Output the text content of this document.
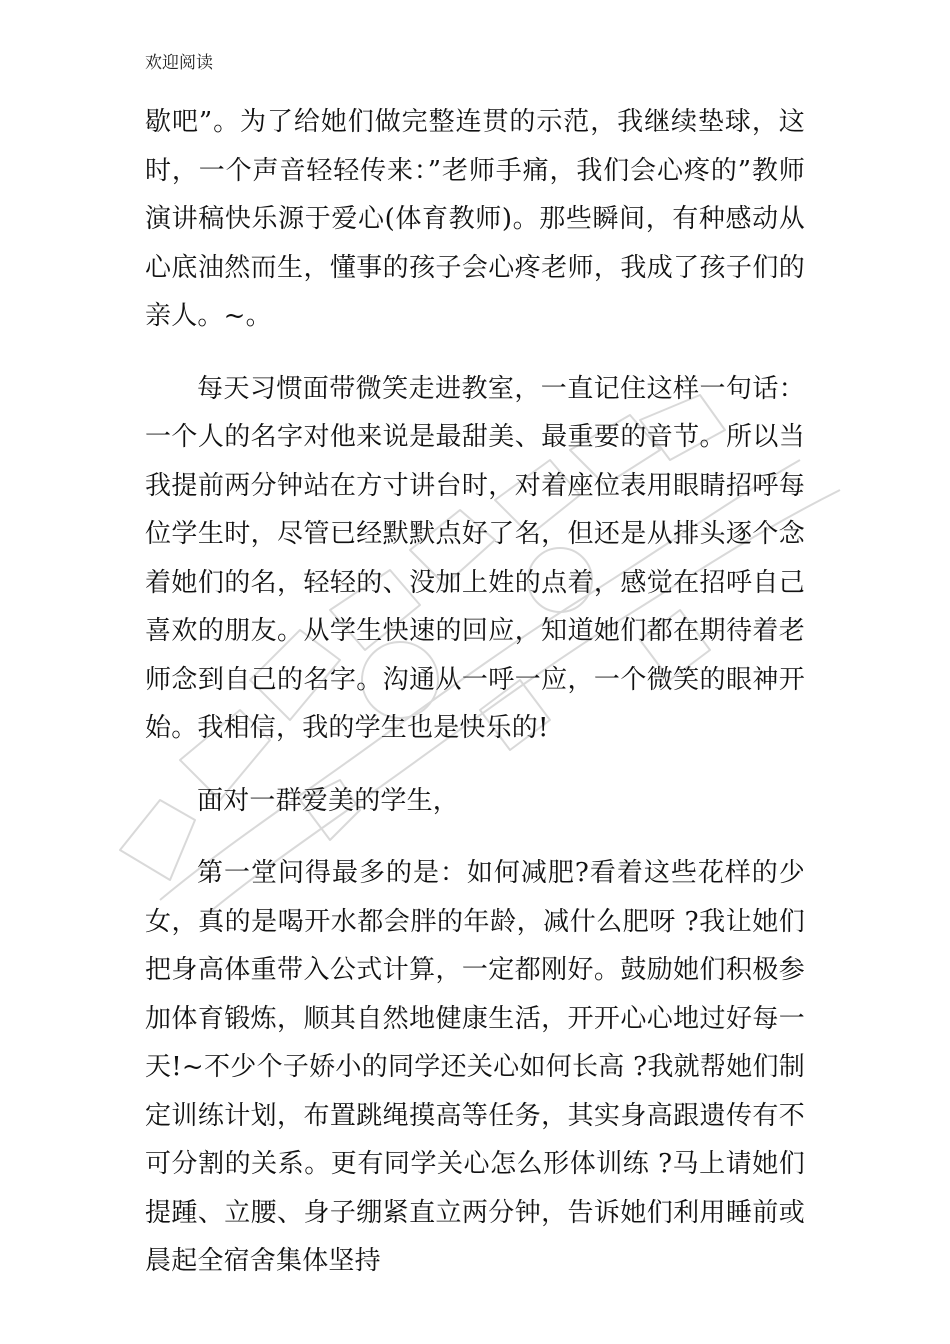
欢迎阅读

歇吧”。为了给她们做完整连贯的示范，我继续垫球，这时，一个声音轻轻传来：”老师手痛，我们会心疼的”教师演讲稿快乐源于爱心(体育教师)。那些瞬间，有种感动从心底油然而生，懂事的孩子会心疼老师，我成了孩子们的亲人。~。

每天习惯面带微笑走进教室，一直记住这样一句话：一个人的名字对他来说是最甜美、最重要的音节。所以当我提前两分钟站在方寸讲台时，对着座位表用眼睛招呼每位学生时，尽管已经默默点好了名，但还是从排头逐个念着她们的名，轻轻的、没加上姓的点着，感觉在招呼自己喜欢的朋友。从学生快速的回应，知道她们都在期待着老师念到自己的名字。沟通从一呼一应，一个微笑的眼神开始。我相信，我的学生也是快乐的!

面对一群爱美的学生，

第一堂问得最多的是：如何减肥?看着这些花样的少女，真的是喝开水都会胖的年龄，减什么肥呀 ?我让她们把身高体重带入公式计算，一定都刚好。鼓励她们积极参加体育锻炼，顺其自然地健康生活，开开心心地过好每一天!~不少个子娇小的同学还关心如何长高 ?我就帮她们制定训练计划，布置跳绳摸高等任务，其实身高跟遗传有不可分割的关系。更有同学关心怎么形体训练 ?马上请她们提踵、立腰、身子绷紧直立两分钟，告诉她们利用睡前或晨起全宿舍集体坚持
